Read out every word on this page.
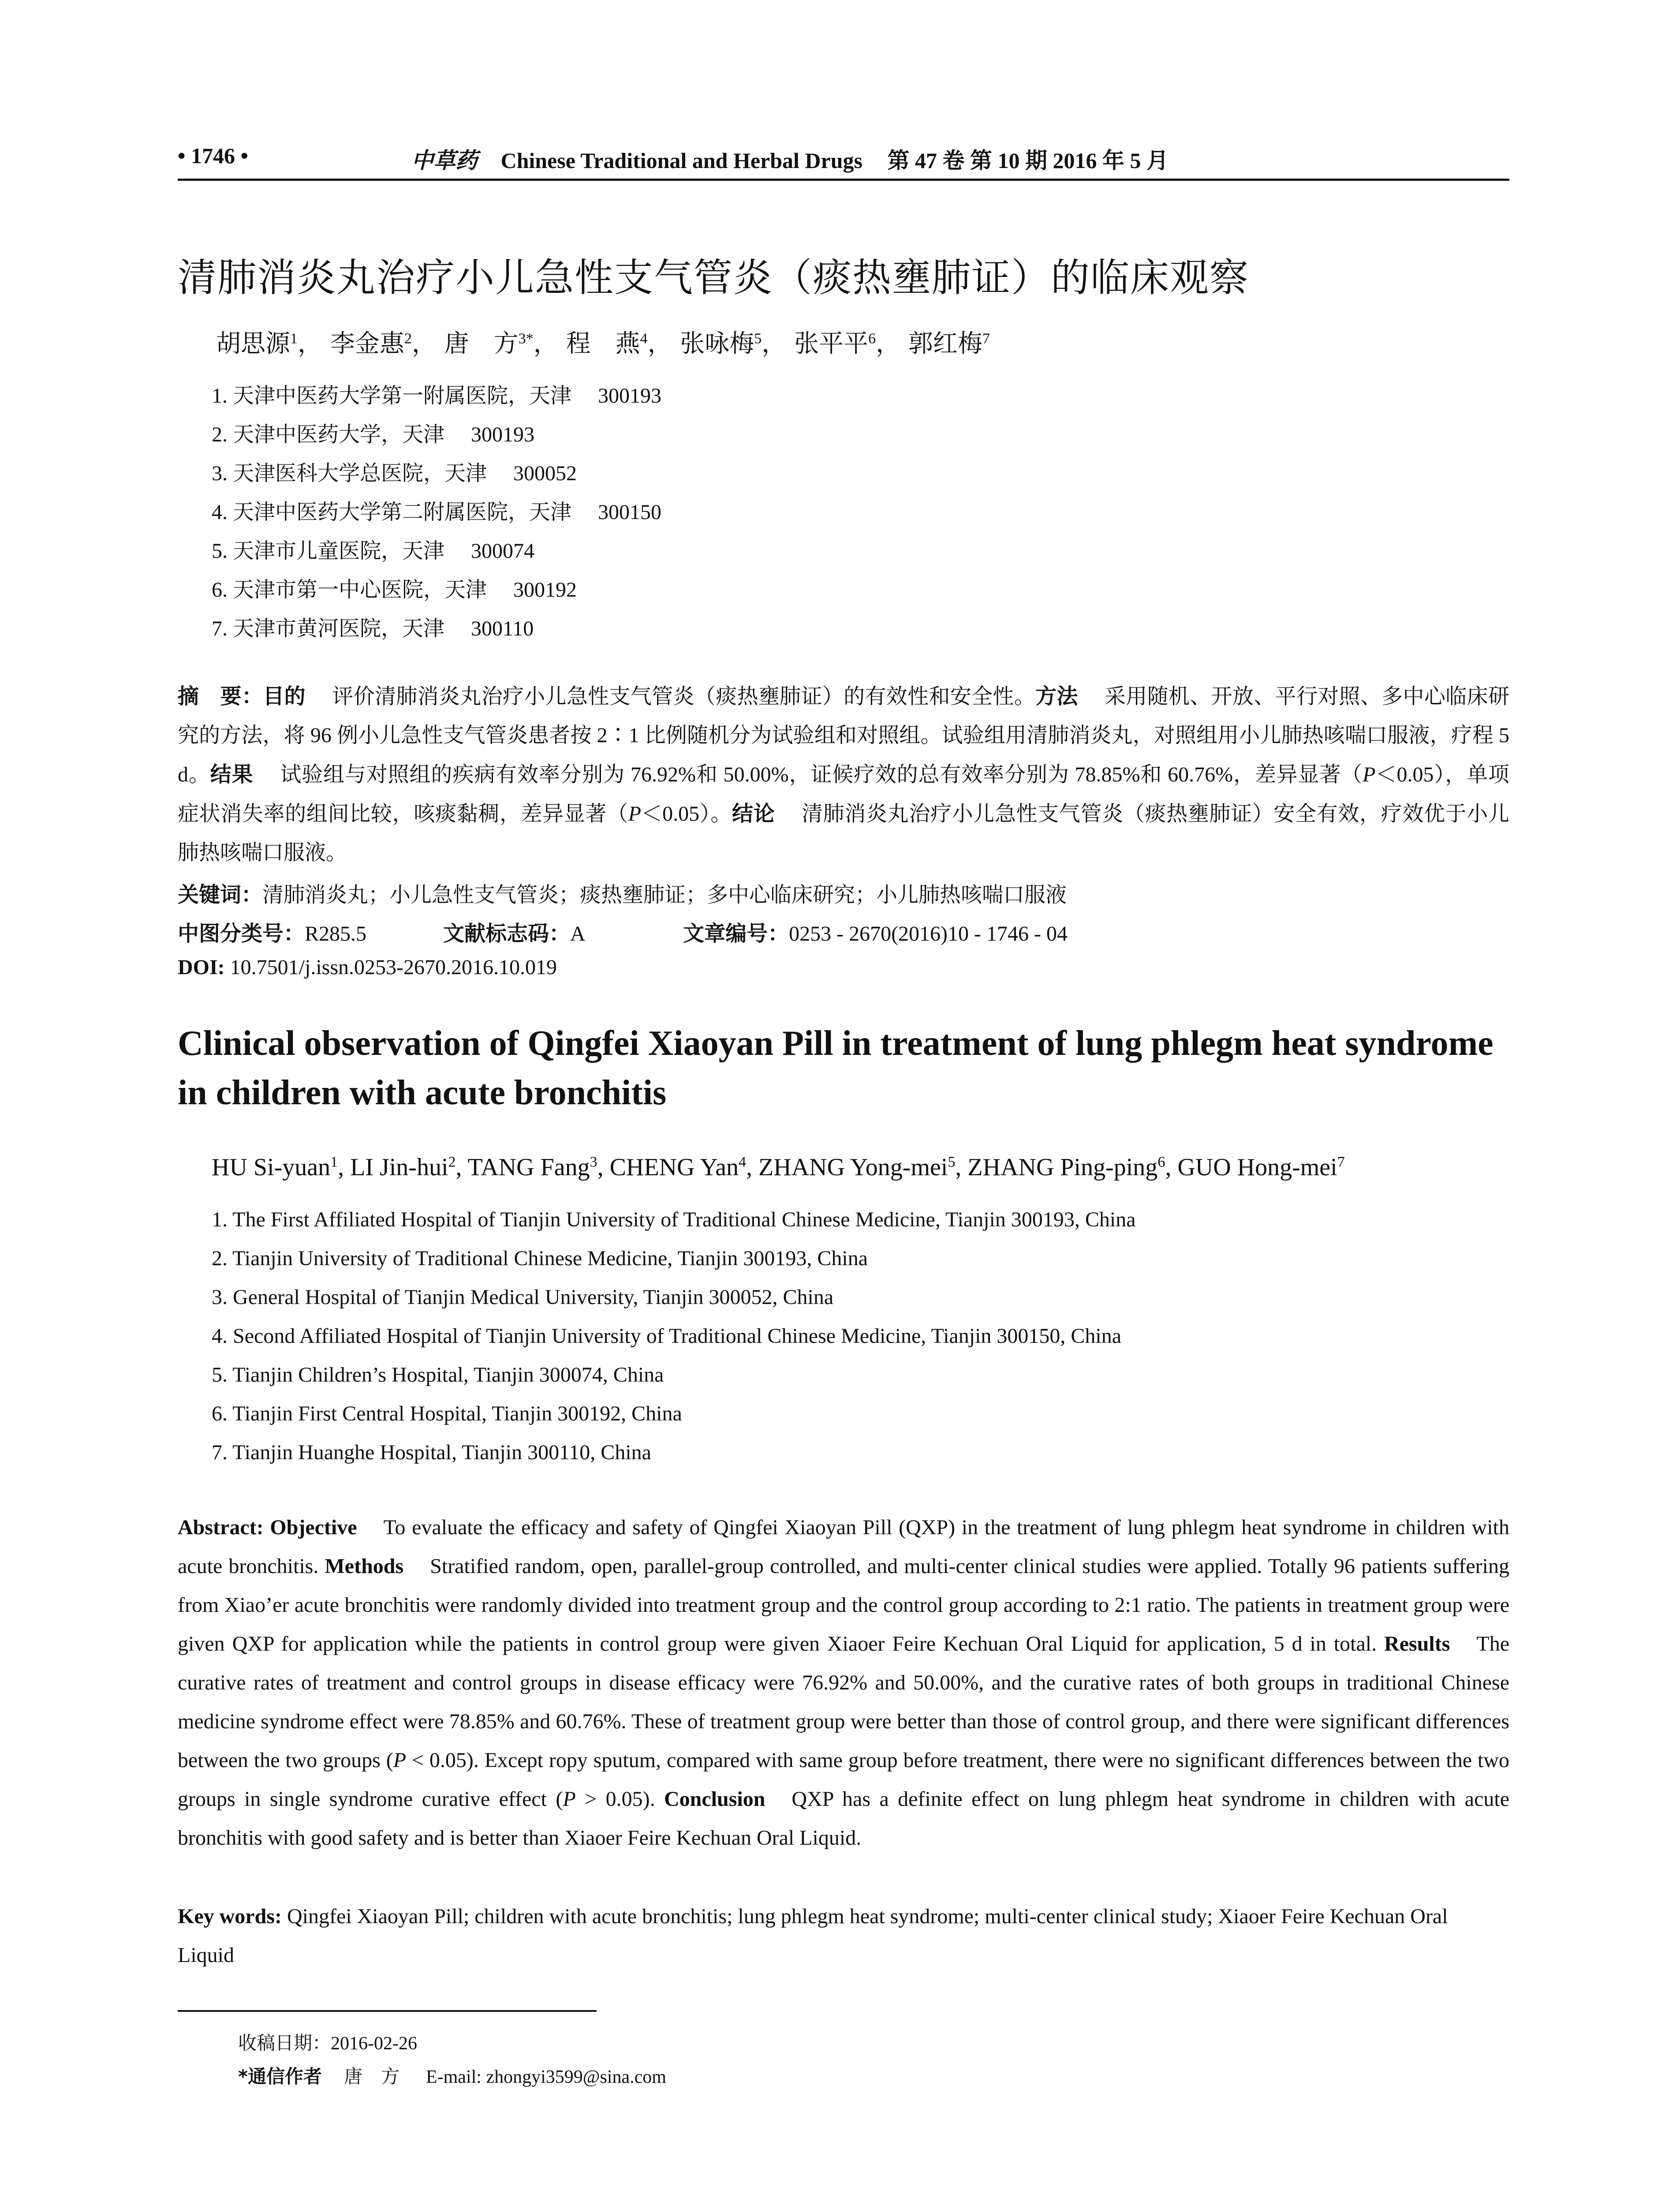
• 1746 •	中草药 Chinese Traditional and Herbal Drugs 第 47 卷 第 10 期 2016 年 5 月
清肺消炎丸治疗小儿急性支气管炎（痰热壅肺证）的临床观察
胡思源$^1$， 李金惠$^2$， 唐　方$^{3*}$， 程　燕$^4$， 张咏梅$^5$， 张平平$^6$， 郭红梅$^7$
1. 天津中医药大学第一附属医院，天津 300193
2. 天津中医药大学，天津 300193
3. 天津医科大学总医院，天津 300052
4. 天津中医药大学第二附属医院，天津 300150
5. 天津市儿童医院，天津 300074
6. 天津市第一中心医院，天津 300192
7. 天津市黄河医院，天津 300110
摘　要：目的 评价清肺消炎丸治疗小儿急性支气管炎（痰热壅肺证）的有效性和安全性。方法 采用随机、开放、平行对照、多中心临床研究的方法，将 96 例小儿急性支气管炎患者按 2∶1 比例随机分为试验组和对照组。试验组用清肺消炎丸，对照组用小儿肺热咳喘口服液，疗程 5 d。结果 试验组与对照组的疾病有效率分别为 76.92%和 50.00%，证候疗效的总有效率分别为 78.85%和 60.76%，差异显著（P＜0.05），单项症状消失率的组间比较，咳痰黏稠，差异显著（P＜0.05）。结论 清肺消炎丸治疗小儿急性支气管炎（痰热壅肺证）安全有效，疗效优于小儿肺热咳喘口服液。
关键词：清肺消炎丸；小儿急性支气管炎；痰热壅肺证；多中心临床研究；小儿肺热咳喘口服液
中图分类号：R285.5	文献标志码：A	文章编号：0253 - 2670(2016)10 - 1746 - 04
DOI: 10.7501/j.issn.0253-2670.2016.10.019
Clinical observation of Qingfei Xiaoyan Pill in treatment of lung phlegm heat syndrome in children with acute bronchitis
HU Si-yuan$^1$, LI Jin-hui$^2$, TANG Fang$^3$, CHENG Yan$^4$, ZHANG Yong-mei$^5$, ZHANG Ping-ping$^6$, GUO Hong-mei$^7$
1. The First Affiliated Hospital of Tianjin University of Traditional Chinese Medicine, Tianjin 300193, China
2. Tianjin University of Traditional Chinese Medicine, Tianjin 300193, China
3. General Hospital of Tianjin Medical University, Tianjin 300052, China
4. Second Affiliated Hospital of Tianjin University of Traditional Chinese Medicine, Tianjin 300150, China
5. Tianjin Children’s Hospital, Tianjin 300074, China
6. Tianjin First Central Hospital, Tianjin 300192, China
7. Tianjin Huanghe Hospital, Tianjin 300110, China
Abstract: Objective To evaluate the efficacy and safety of Qingfei Xiaoyan Pill (QXP) in the treatment of lung phlegm heat syndrome in children with acute bronchitis. Methods Stratified random, open, parallel-group controlled, and multi-center clinical studies were applied. Totally 96 patients suffering from Xiao’er acute bronchitis were randomly divided into treatment group and the control group according to 2:1 ratio. The patients in treatment group were given QXP for application while the patients in control group were given Xiaoer Feire Kechuan Oral Liquid for application, 5 d in total. Results The curative rates of treatment and control groups in disease efficacy were 76.92% and 50.00%, and the curative rates of both groups in traditional Chinese medicine syndrome effect were 78.85% and 60.76%. These of treatment group were better than those of control group, and there were significant differences between the two groups (P < 0.05). Except ropy sputum, compared with same group before treatment, there were no significant differences between the two groups in single syndrome curative effect (P > 0.05). Conclusion QXP has a definite effect on lung phlegm heat syndrome in children with acute bronchitis with good safety and is better than Xiaoer Feire Kechuan Oral Liquid.
Key words: Qingfei Xiaoyan Pill; children with acute bronchitis; lung phlegm heat syndrome; multi-center clinical study; Xiaoer Feire Kechuan Oral Liquid
收稿日期：2016-02-26
*通信作者 唐　方 E-mail: zhongyi3599@sina.com
